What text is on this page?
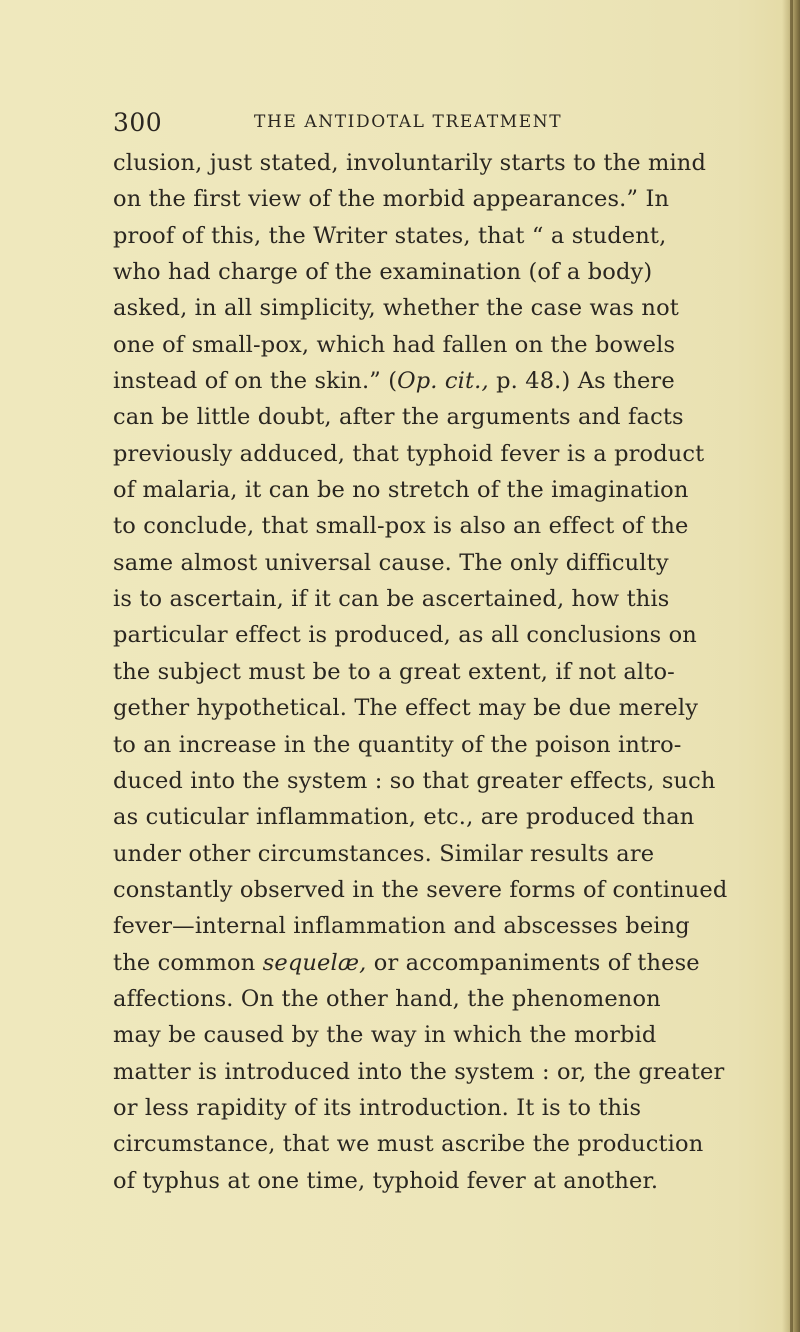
300	THE ANTIDOTAL TREATMENT
clusion, just stated, involuntarily starts to the mind
on the first view of the morbid appearances.” In
proof of this, the Writer states, that “ a student,
who had charge of the examination (of a body)
asked, in all simplicity, whether the case was not
one of small-pox, which had fallen on the bowels
instead of on the skin.” (Op. cit., p. 48.) As there
can be little doubt, after the arguments and facts
previously adduced, that typhoid fever is a product
of malaria, it can be no stretch of the imagination
to conclude, that small-pox is also an effect of the
same almost universal cause. The only difficulty
is to ascertain, if it can be ascertained, how this
particular effect is produced, as all conclusions on
the subject must be to a great extent, if not alto-
gether hypothetical. The effect may be due merely
to an increase in the quantity of the poison intro-
duced into the system : so that greater effects, such
as cuticular inflammation, etc., are produced than
under other circumstances. Similar results are
constantly observed in the severe forms of continued
fever—internal inflammation and abscesses being
the common sequelæ, or accompaniments of these
affections. On the other hand, the phenomenon
may be caused by the way in which the morbid
matter is introduced into the system : or, the greater
or less rapidity of its introduction. It is to this
circumstance, that we must ascribe the production
of typhus at one time, typhoid fever at another.
